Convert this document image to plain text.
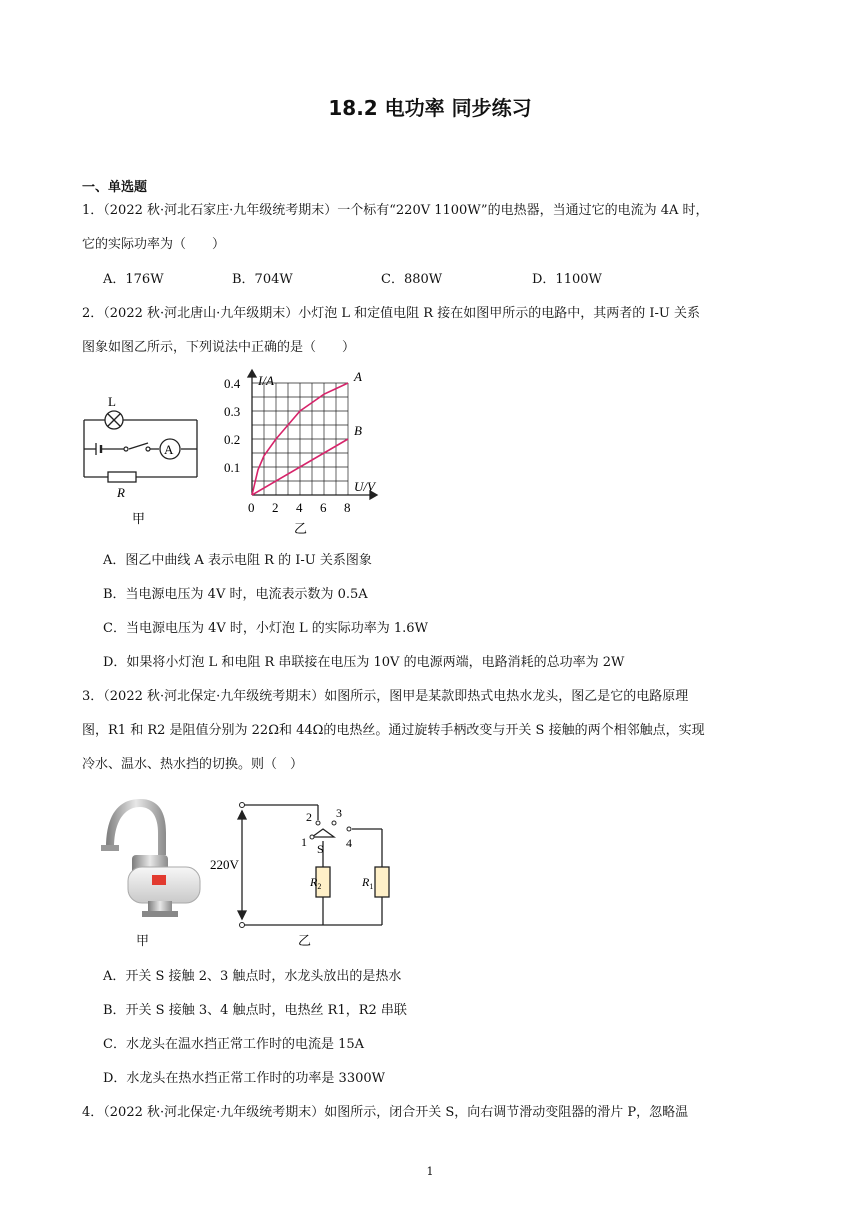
18.2 电功率 同步练习
一、单选题
1．（2022 秋·河北石家庄·九年级统考期末）一个标有“220V 1100W”的电热器，当通过它的电流为 4A 时，
它的实际功率为（　　）
A．176W	B．704W	C．880W	D．1100W
2．（2022 秋·河北唐山·九年级期末）小灯泡 L 和定值电阻 R 接在如图甲所示的电路中，其两者的 I-U 关系
图象如图乙所示，下列说法中正确的是（　　）
L
A
R
甲
A
B
0 2 4 6 8
0.1
0.2
0.3
0.4 I/A
U/V
乙
A．图乙中曲线 A 表示电阻 R 的 I-U 关系图象
B．当电源电压为 4V 时，电流表示数为 0.5A
C．当电源电压为 4V 时，小灯泡 L 的实际功率为 1.6W
D．如果将小灯泡 L 和电阻 R 串联接在电压为 10V 的电源两端，电路消耗的总功率为 2W
3．（2022 秋·河北保定·九年级统考期末）如图所示，图甲是某款即热式电热水龙头，图乙是它的电路原理
图，R1 和 R2 是阻值分别为 22Ω和 44Ω的电热丝。通过旋转手柄改变与开关 S 接触的两个相邻触点，实现
冷水、温水、热水挡的切换。则（　）
甲
220V
2 3
1	4
S
$R_2$	$R_1$
乙
A．开关 S 接触 2、3 触点时，水龙头放出的是热水
B．开关 S 接触 3、4 触点时，电热丝 R1，R2 串联
C．水龙头在温水挡正常工作时的电流是 15A
D．水龙头在热水挡正常工作时的功率是 3300W
4．（2022 秋·河北保定·九年级统考期末）如图所示，闭合开关 S，向右调节滑动变阻器的滑片 P，忽略温
1
